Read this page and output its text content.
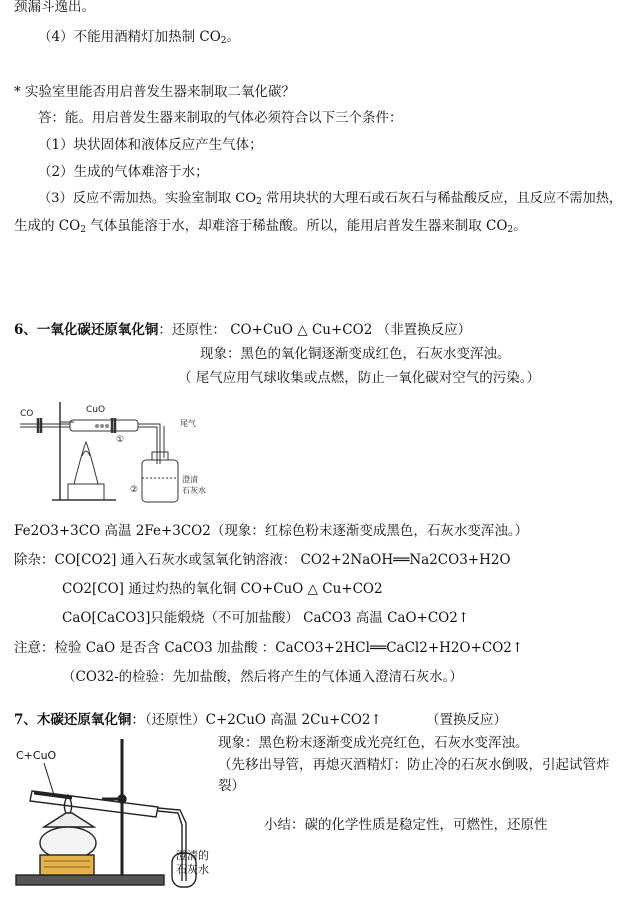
颈漏斗逸出。
（4）不能用酒精灯加热制 $CO_2$。
* 实验室里能否用启普发生器来制取二氧化碳？
答：能。用启普发生器来制取的气体必须符合以下三个条件：
（1）块状固体和液体反应产生气体；
（2）生成的气体难溶于水；
（3）反应不需加热。实验室制取 $CO_2$ 常用块状的大理石或石灰石与稀盐酸反应，且反应不需加热，
生成的 $CO_2$ 气体虽能溶于水，却难溶于稀盐酸。所以，能用启普发生器来制取 $CO_2$。
6、一氧化碳还原氧化铜：还原性： CO+CuO △ Cu+CO2 （非置换反应）
现象：黑色的氧化铜逐渐变成红色，石灰水变浑浊。
（ 尾气应用气球收集或点燃，防止一氧化碳对空气的污染。）
CO	CuO
①
②
尾气
澄清
石灰水
Fe2O3+3CO 高温 2Fe+3CO2（现象：红棕色粉末逐渐变成黑色，石灰水变浑浊。）
除杂：CO[CO2] 通入石灰水或氢氧化钠溶液： CO2+2NaOH══Na2CO3+H2O
CO2[CO] 通过灼热的氧化铜 CO+CuO △ Cu+CO2
CaO[CaCO3]只能煅烧（不可加盐酸） CaCO3 高温 CaO+CO2↑
注意：检验 CaO 是否含 CaCO3 加盐酸 ：CaCO3+2HCl══CaCl2+H2O+CO2↑
（CO32-的检验：先加盐酸，然后将产生的气体通入澄清石灰水。）
7、木碳还原氧化铜：（还原性）C+2CuO 高温 2Cu+CO2↑	（置换反应）
现象：黑色粉末逐渐变成光亮红色，石灰水变浑浊。
（先移出导管，再熄灭酒精灯：防止冷的石灰水倒吸，引起试管炸
裂）
小结：碳的化学性质是稳定性，可燃性，还原性
C+CuO
澄清的
石灰水
